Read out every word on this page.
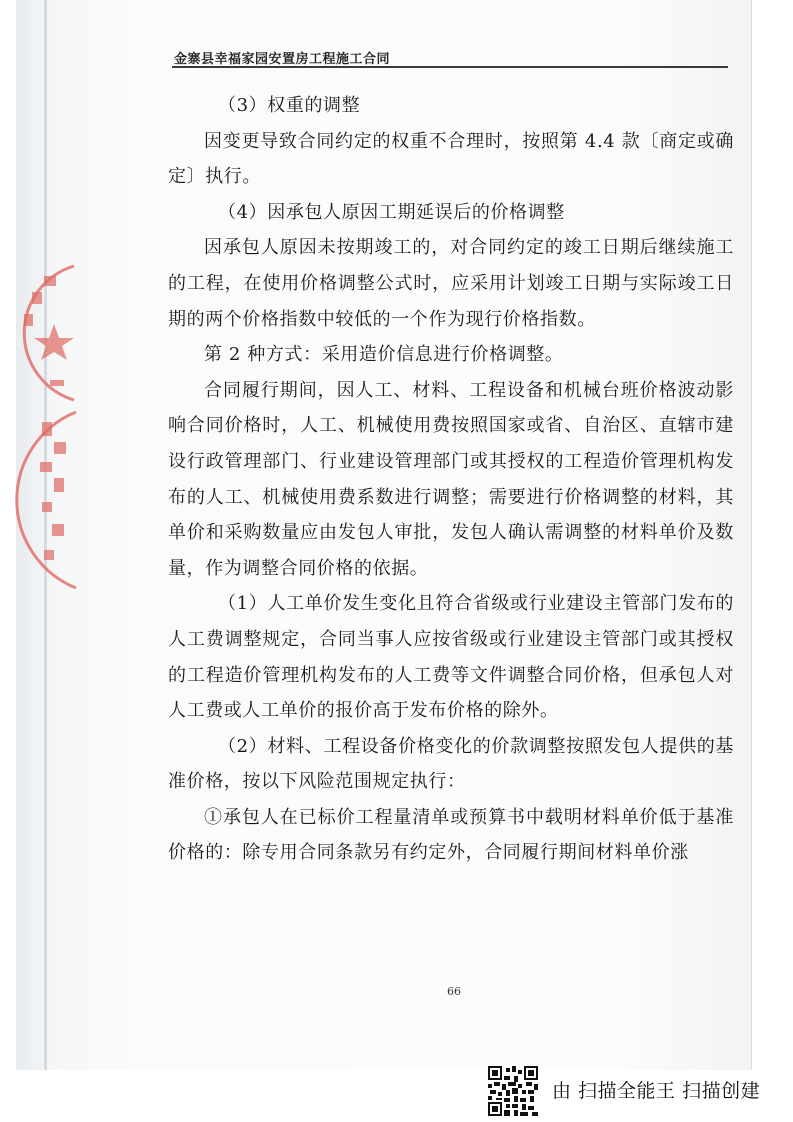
金寨县幸福家园安置房工程施工合同

（3）权重的调整

因变更导致合同约定的权重不合理时，按照第 4.4 款〔商定或确定〕执行。

（4）因承包人原因工期延误后的价格调整

因承包人原因未按期竣工的，对合同约定的竣工日期后继续施工的工程，在使用价格调整公式时，应采用计划竣工日期与实际竣工日期的两个价格指数中较低的一个作为现行价格指数。

第 2 种方式：采用造价信息进行价格调整。

合同履行期间，因人工、材料、工程设备和机械台班价格波动影响合同价格时，人工、机械使用费按照国家或省、自治区、直辖市建设行政管理部门、行业建设管理部门或其授权的工程造价管理机构发布的人工、机械使用费系数进行调整；需要进行价格调整的材料，其单价和采购数量应由发包人审批，发包人确认需调整的材料单价及数量，作为调整合同价格的依据。

（1）人工单价发生变化且符合省级或行业建设主管部门发布的人工费调整规定，合同当事人应按省级或行业建设主管部门或其授权的工程造价管理机构发布的人工费等文件调整合同价格，但承包人对人工费或人工单价的报价高于发布价格的除外。

（2）材料、工程设备价格变化的价款调整按照发包人提供的基准价格，按以下风险范围规定执行：

①承包人在已标价工程量清单或预算书中载明材料单价低于基准价格的：除专用合同条款另有约定外，合同履行期间材料单价涨

66
由 扫描全能王 扫描创建
